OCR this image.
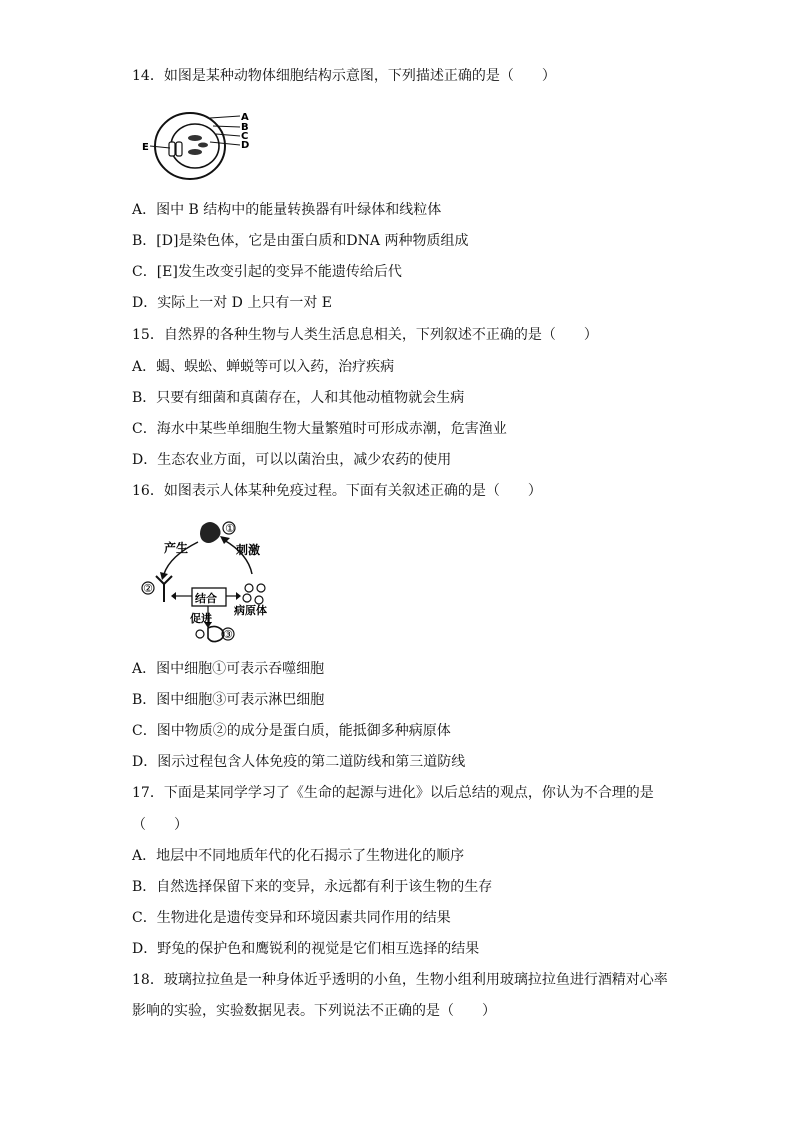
14．如图是某种动物体细胞结构示意图，下列描述正确的是（　　）
A
B
C
D
E
A．图中 B 结构中的能量转换器有叶绿体和线粒体
B．[D]是染色体，它是由蛋白质和DNA 两种物质组成
C．[E]发生改变引起的变异不能遗传给后代
D．实际上一对 D 上只有一对 E
15．自然界的各种生物与人类生活息息相关，下列叙述不正确的是（　　）
A．蝎、蜈蚣、蝉蜕等可以入药，治疗疾病
B．只要有细菌和真菌存在，人和其他动植物就会生病
C．海水中某些单细胞生物大量繁殖时可形成赤潮，危害渔业
D．生态农业方面，可以以菌治虫，减少农药的使用
16．如图表示人体某种免疫过程。下面有关叙述正确的是（　　）
①
产生	刺激
②
结合
病原体
促进
③
A．图中细胞①可表示吞噬细胞
B．图中细胞③可表示淋巴细胞
C．图中物质②的成分是蛋白质，能抵御多种病原体
D．图示过程包含人体免疫的第二道防线和第三道防线
17．下面是某同学学习了《生命的起源与进化》以后总结的观点，你认为不合理的是
（　　）
A．地层中不同地质年代的化石揭示了生物进化的顺序
B．自然选择保留下来的变异，永远都有利于该生物的生存
C．生物进化是遗传变异和环境因素共同作用的结果
D．野兔的保护色和鹰锐利的视觉是它们相互选择的结果
18．玻璃拉拉鱼是一种身体近乎透明的小鱼，生物小组利用玻璃拉拉鱼进行酒精对心率
影响的实验，实验数据见表。下列说法不正确的是（　　）
